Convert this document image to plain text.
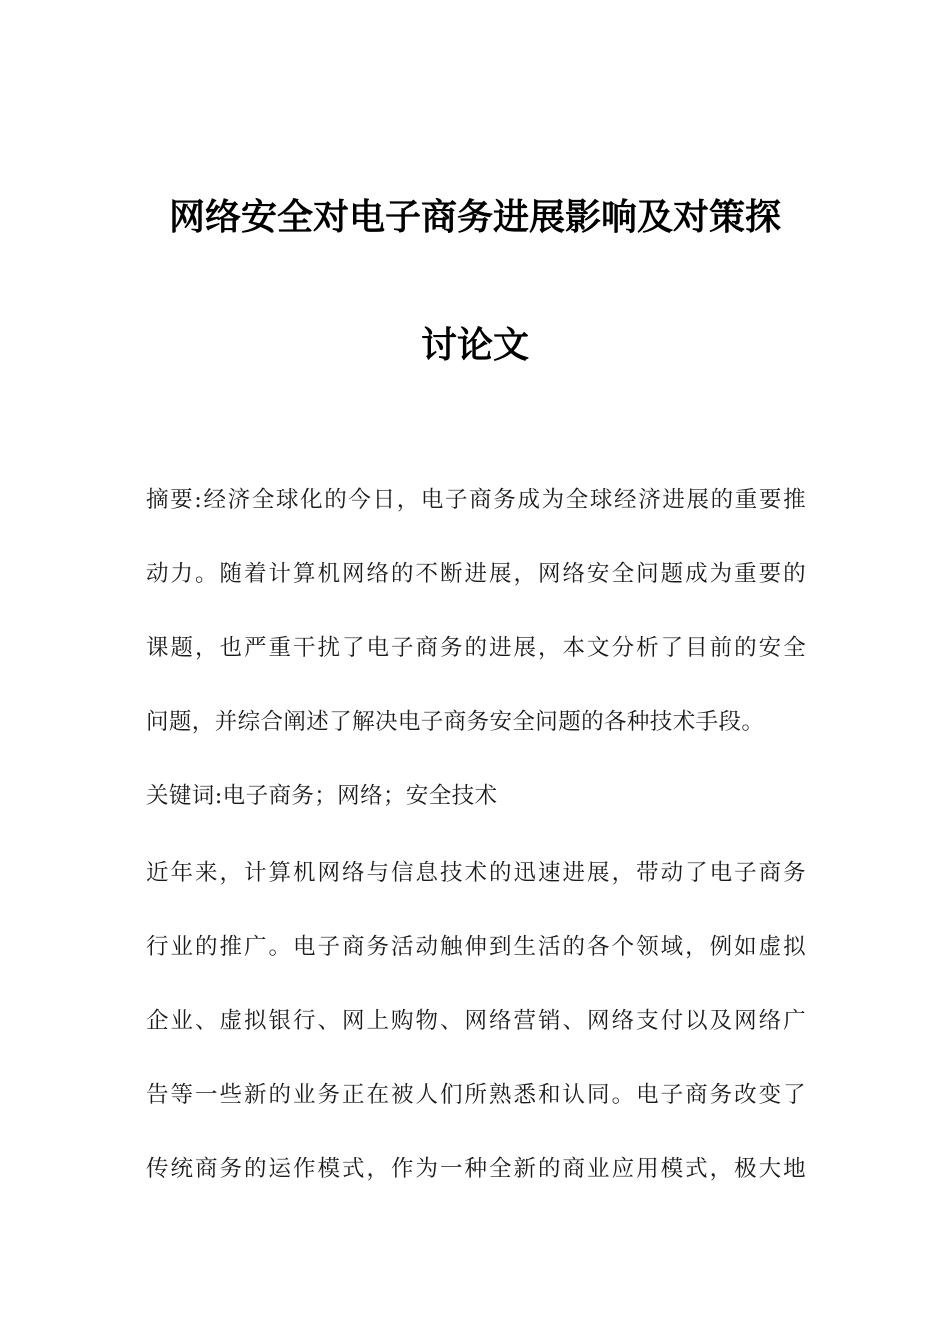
网络安全对电子商务进展影响及对策探
讨论文
摘要:经济全球化的今日，电子商务成为全球经济进展的重要推
动力。随着计算机网络的不断进展，网络安全问题成为重要的
课题，也严重干扰了电子商务的进展，本文分析了目前的安全
问题，并综合阐述了解决电子商务安全问题的各种技术手段。
关键词:电子商务；网络；安全技术
近年来，计算机网络与信息技术的迅速进展，带动了电子商务
行业的推广。电子商务活动触伸到生活的各个领域，例如虚拟
企业、虚拟银行、网上购物、网络营销、网络支付以及网络广
告等一些新的业务正在被人们所熟悉和认同。电子商务改变了
传统商务的运作模式，作为一种全新的商业应用模式，极大地
